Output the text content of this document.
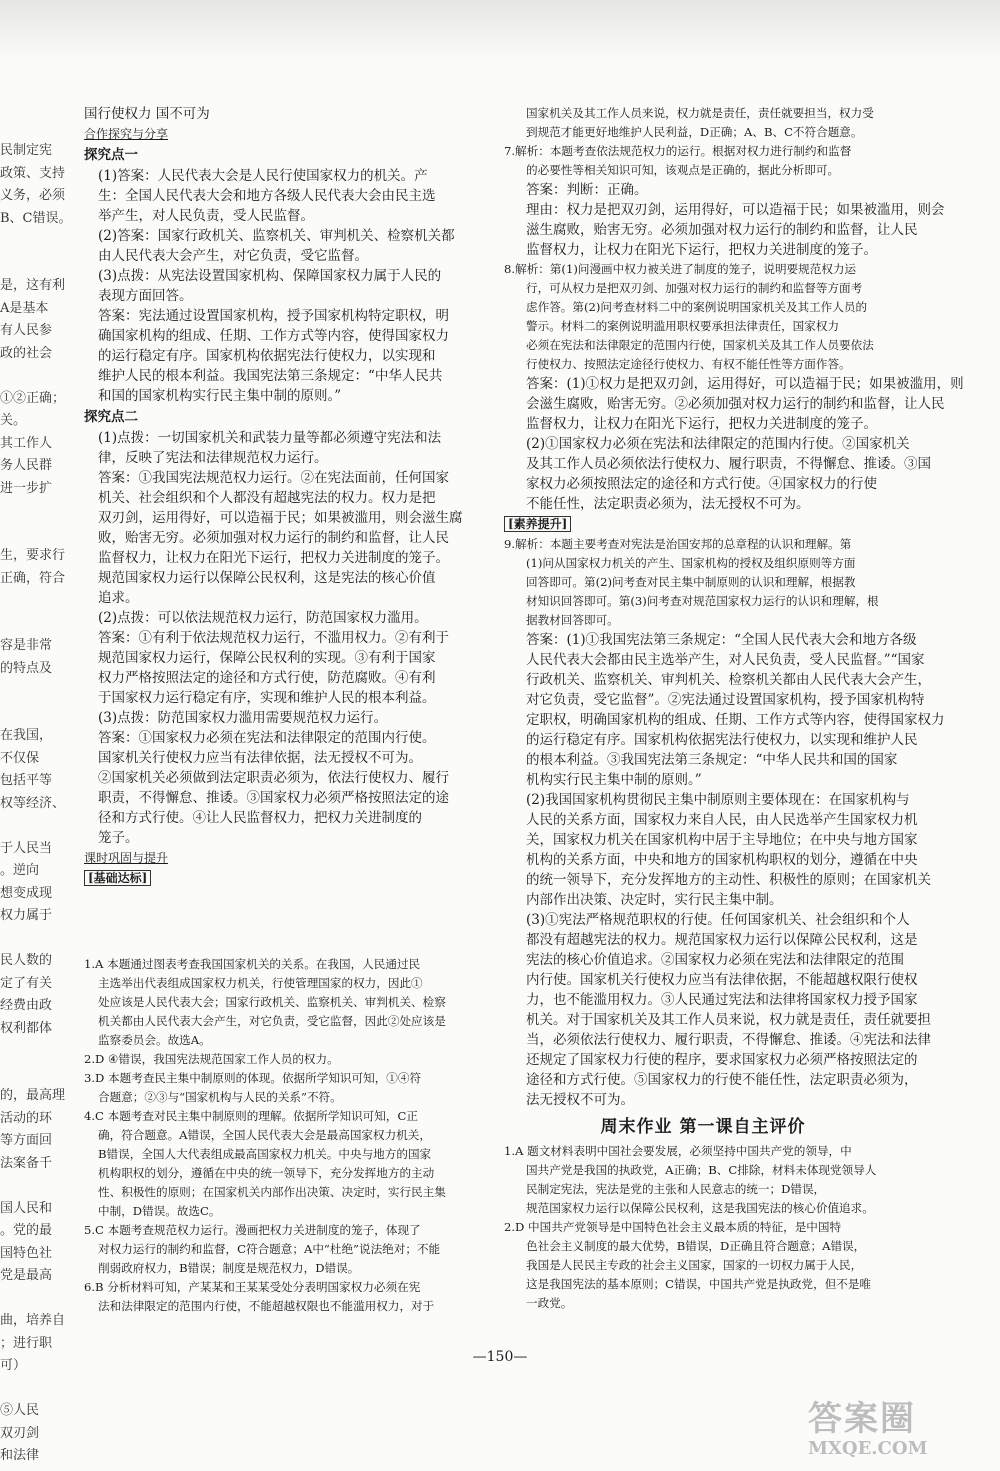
民制定宪
政策、支持
义务，必须
B、C错误。

是，这有利
A是基本
有人民参
政的社会

①②正确；
关。
其工作人
务人民群
进一步扩

生，要求行
正确，符合

容是非常
的特点及

在我国，
不仅保
包括平等
权等经济、

于人民当
。逆向
想变成现
权力属于

民人数的
定了有关
经费由政
权利都体

的，最高理
活动的环
等方面回
法案备千

国人民和
。党的最
国特色社
党是最高

曲，培养自
；进行职
可）

⑤人民
双刃剑
和法律
国行使权力 国不可为
合作探究与分享
探究点一
(1)答案：人民代表大会是人民行使国家权力的机关。产
生：全国人民代表大会和地方各级人民代表大会由民主选
举产生，对人民负责，受人民监督。
(2)答案：国家行政机关、监察机关、审判机关、检察机关都
由人民代表大会产生，对它负责，受它监督。
(3)点拨：从宪法设置国家机构、保障国家权力属于人民的
表现方面回答。
答案：宪法通过设置国家机构，授予国家机构特定职权，明
确国家机构的组成、任期、工作方式等内容，使得国家权力
的运行稳定有序。国家机构依据宪法行使权力，以实现和
维护人民的根本利益。我国宪法第三条规定：“中华人民共
和国的国家机构实行民主集中制的原则。”
探究点二
(1)点拨：一切国家机关和武装力量等都必须遵守宪法和法
律，反映了宪法和法律规范权力运行。
答案：①我国宪法规范权力运行。②在宪法面前，任何国家
机关、社会组织和个人都没有超越宪法的权力。权力是把
双刃剑，运用得好，可以造福于民；如果被滥用，则会滋生腐
败，贻害无穷。必须加强对权力运行的制约和监督，让人民
监督权力，让权力在阳光下运行，把权力关进制度的笼子。
规范国家权力运行以保障公民权利，这是宪法的核心价值
追求。
(2)点拨：可以依法规范权力运行，防范国家权力滥用。
答案：①有利于依法规范权力运行，不滥用权力。②有利于
规范国家权力运行，保障公民权利的实现。③有利于国家
权力严格按照法定的途径和方式行使，防范腐败。④有利
于国家权力运行稳定有序，实现和维护人民的根本利益。
(3)点拨：防范国家权力滥用需要规范权力运行。
答案：①国家权力必须在宪法和法律限定的范围内行使。
国家机关行使权力应当有法律依据，法无授权不可为。
②国家机关必须做到法定职责必须为，依法行使权力、履行
职责，不得懈怠、推诿。③国家权力必须严格按照法定的途
径和方式行使。④让人民监督权力，把权力关进制度的
笼子。
课时巩固与提升
[基础达标]
1.A 本题通过图表考查我国国家机关的关系。在我国，人民通过民
主选举出代表组成国家权力机关，行使管理国家的权力，因此①
处应该是人民代表大会；国家行政机关、监察机关、审判机关、检察
机关都由人民代表大会产生，对它负责，受它监督，因此②处应该是
监察委员会。故选A。
2.D ④错误，我国宪法规范国家工作人员的权力。
3.D 本题考查民主集中制原则的体现。依据所学知识可知，①④符
合题意；②③与“国家机构与人民的关系”不符。
4.C 本题考查对民主集中制原则的理解。依据所学知识可知，C正
确，符合题意。A错误，全国人民代表大会是最高国家权力机关，
B错误，全国人大代表组成最高国家权力机关。中央与地方的国家
机构职权的划分，遵循在中央的统一领导下，充分发挥地方的主动
性、积极性的原则；在国家机关内部作出决策、决定时，实行民主集
中制，D错误。故选C。
5.C 本题考查规范权力运行。漫画把权力关进制度的笼子，体现了
对权力运行的制约和监督，C符合题意；A中“杜绝”说法绝对；不能
削弱政府权力，B错误；制度是规范权力，D错误。
6.B 分析材料可知，产某某和王某某受处分表明国家权力必须在宪
法和法律限定的范围内行使，不能超越权限也不能滥用权力，对于
国家机关及其工作人员来说，权力就是责任，责任就要担当，权力受
到规范才能更好地维护人民利益，D正确；A、B、C不符合题意。
7.解析：本题考查依法规范权力的运行。根据对权力进行制约和监督
的必要性等相关知识可知，该观点是正确的，据此分析即可。
答案：判断：正确。
理由：权力是把双刃剑，运用得好，可以造福于民；如果被滥用，则会
滋生腐败，贻害无穷。必须加强对权力运行的制约和监督，让人民
监督权力，让权力在阳光下运行，把权力关进制度的笼子。
8.解析：第(1)问漫画中权力被关进了制度的笼子，说明要规范权力运
行，可从权力是把双刃剑、加强对权力运行的制约和监督等方面考
虑作答。第(2)问考查材料二中的案例说明国家机关及其工作人员的
警示。材料二的案例说明滥用职权要承担法律责任，国家权力
必须在宪法和法律限定的范围内行使，国家机关及其工作人员要依法
行使权力、按照法定途径行使权力、有权不能任性等方面作答。
答案：(1)①权力是把双刃剑，运用得好，可以造福于民；如果被滥用，则
会滋生腐败，贻害无穷。②必须加强对权力运行的制约和监督，让人民
监督权力，让权力在阳光下运行，把权力关进制度的笼子。
(2)①国家权力必须在宪法和法律限定的范围内行使。②国家机关
及其工作人员必须依法行使权力、履行职责，不得懈怠、推诿。③国
家权力必须按照法定的途径和方式行使。④国家权力的行使
不能任性，法定职责必须为，法无授权不可为。
[素养提升]
9.解析：本题主要考查对宪法是治国安邦的总章程的认识和理解。第
(1)问从国家权力机关的产生、国家机构的授权及组织原则等方面
回答即可。第(2)问考查对民主集中制原则的认识和理解，根据教
材知识回答即可。第(3)问考查对规范国家权力运行的认识和理解，根
据教材回答即可。
答案：(1)①我国宪法第三条规定：“全国人民代表大会和地方各级
人民代表大会都由民主选举产生，对人民负责，受人民监督。”“国家
行政机关、监察机关、审判机关、检察机关都由人民代表大会产生，
对它负责，受它监督”。②宪法通过设置国家机构，授予国家机构特
定职权，明确国家机构的组成、任期、工作方式等内容，使得国家权力
的运行稳定有序。国家机构依据宪法行使权力，以实现和维护人民
的根本利益。③我国宪法第三条规定：“中华人民共和国的国家
机构实行民主集中制的原则。”
(2)我国国家机构贯彻民主集中制原则主要体现在：在国家机构与
人民的关系方面，国家权力来自人民，由人民选举产生国家权力机
关，国家权力机关在国家机构中居于主导地位；在中央与地方国家
机构的关系方面，中央和地方的国家机构职权的划分，遵循在中央
的统一领导下，充分发挥地方的主动性、积极性的原则；在国家机关
内部作出决策、决定时，实行民主集中制。
(3)①宪法严格规范职权的行使。任何国家机关、社会组织和个人
都没有超越宪法的权力。规范国家权力运行以保障公民权利，这是
宪法的核心价值追求。②国家权力必须在宪法和法律限定的范围
内行使。国家机关行使权力应当有法律依据，不能超越权限行使权
力，也不能滥用权力。③人民通过宪法和法律将国家权力授予国家
机关。对于国家机关及其工作人员来说，权力就是责任，责任就要担
当，必须依法行使权力、履行职责，不得懈怠、推诿。④宪法和法律
还规定了国家权力行使的程序，要求国家权力必须严格按照法定的
途径和方式行使。⑤国家权力的行使不能任性，法定职责必须为，
法无授权不可为。
周末作业 第一课自主评价
1.A 题文材料表明中国社会要发展，必须坚持中国共产党的领导，中
国共产党是我国的执政党，A正确；B、C排除，材料未体现党领导人
民制定宪法，宪法是党的主张和人民意志的统一；D错误，
规范国家权力运行以保障公民权利，这是我国宪法的核心价值追求。
2.D 中国共产党领导是中国特色社会主义最本质的特征，是中国特
色社会主义制度的最大优势，B错误，D正确且符合题意；A错误，
我国是人民民主专政的社会主义国家，国家的一切权力属于人民，
这是我国宪法的基本原则；C错误，中国共产党是执政党，但不是唯
一政党。
—150—
答案圈
MXQE.COM
